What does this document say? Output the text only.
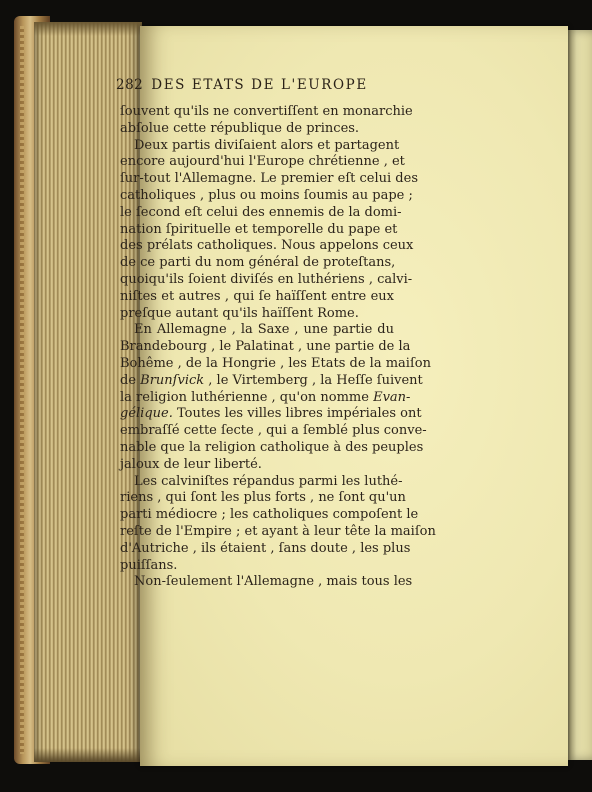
282 DES ETATS DE L'EUROPE
ſouvent qu'ils ne convertiſſent en monarchie
abſolue cette république de princes.
Deux partis diviſaient alors et partagent
encore aujourd'hui l'Europe chrétienne , et
ſur-tout l'Allemagne. Le premier eſt celui des
catholiques , plus ou moins ſoumis au pape ;
le ſecond eſt celui des ennemis de la domi-
nation ſpirituelle et temporelle du pape et
des prélats catholiques. Nous appelons ceux
de ce parti du nom général de proteſtans,
quoiqu'ils ſoient diviſés en luthériens , calvi-
niſtes et autres , qui ſe haïſſent entre eux
preſque autant qu'ils haïſſent Rome.
En Allemagne , la Saxe , une partie du
Brandebourg , le Palatinat , une partie de la
Bohême , de la Hongrie , les Etats de la maiſon
de Brunſvick , le Virtemberg , la Heſſe ſuivent
la religion luthérienne , qu'on nomme Evan-
gélique. Toutes les villes libres impériales ont
embraſſé cette ſecte , qui a ſemblé plus conve-
nable que la religion catholique à des peuples
jaloux de leur liberté.
Les calviniſtes répandus parmi les luthé-
riens , qui ſont les plus forts , ne ſont qu'un
parti médiocre ; les catholiques compoſent le
reſte de l'Empire ; et ayant à leur tête la maiſon
d'Autriche , ils étaient , ſans doute , les plus
puiſſans.
Non-ſeulement l'Allemagne , mais tous les
